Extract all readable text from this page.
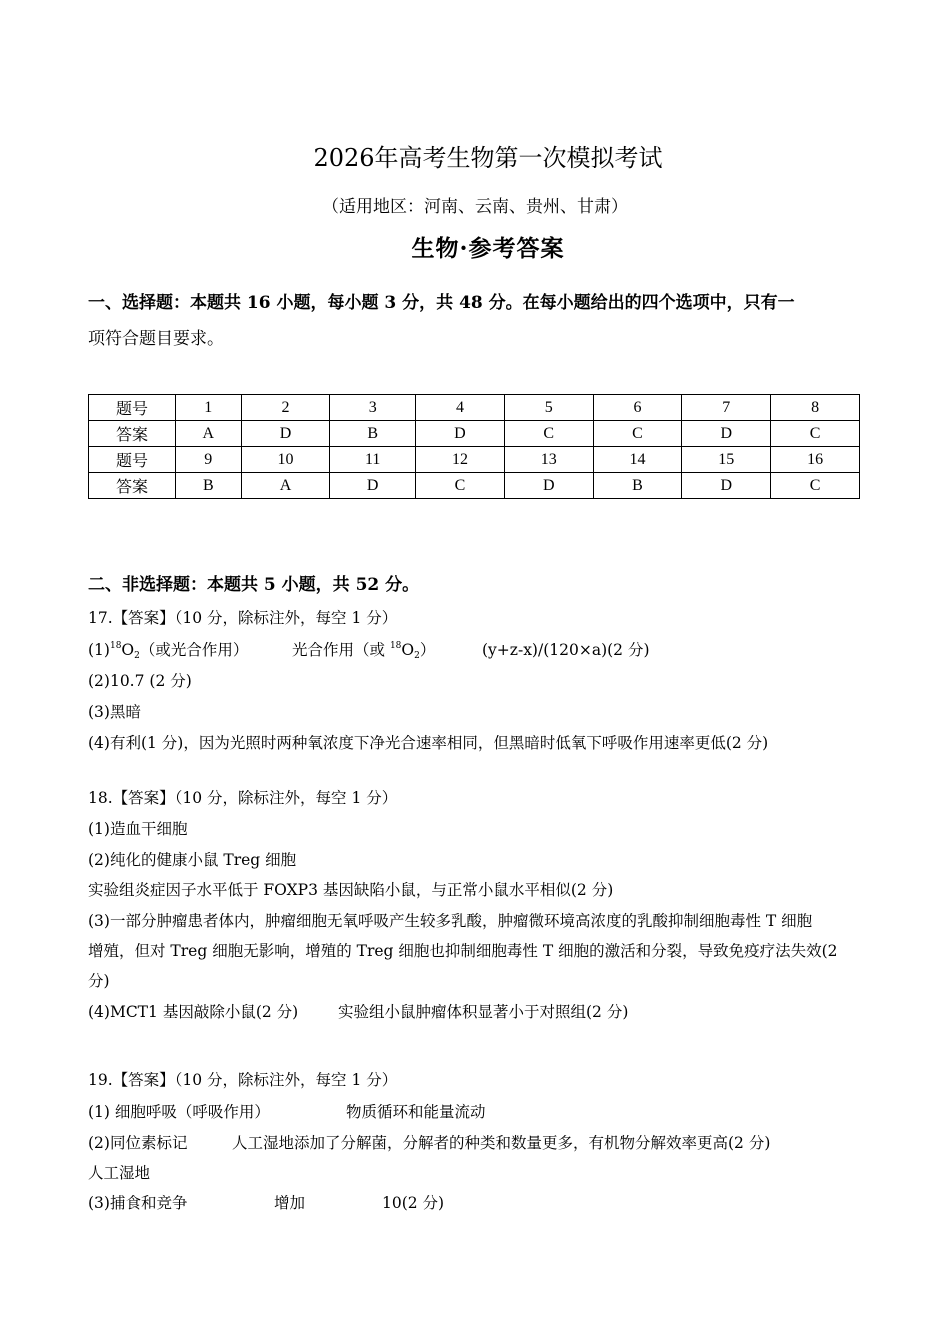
2026年高考生物第一次模拟考试
（适用地区：河南、云南、贵州、甘肃）
生物·参考答案
一、选择题：本题共 16 小题，每小题 3 分，共 48 分。在每小题给出的四个选项中，只有一
项符合题目要求。
题号	1	2	3	4	5	6	7	8
答案	A	D	B	D	C	C	D	C
题号	9	10	11	12	13	14	15	16
答案	B	A	D	C	D	B	D	C
二、非选择题：本题共 5 小题，共 52 分。
17.【答案】（10 分，除标注外，每空 1 分）
$(1)^{18}O_2$（或光合作用）	光合作用（或 $^{18}O_2$）	(y+z-x)/(120×a)(2 分)
(2)10.7 (2 分)
(3)黑暗
(4)有利(1 分)，因为光照时两种氧浓度下净光合速率相同，但黑暗时低氧下呼吸作用速率更低(2 分)
18.【答案】（10 分，除标注外，每空 1 分）
(1)造血干细胞
(2)纯化的健康小鼠 Treg 细胞
实验组炎症因子水平低于 FOXP3 基因缺陷小鼠，与正常小鼠水平相似(2 分)
(3)一部分肿瘤患者体内，肿瘤细胞无氧呼吸产生较多乳酸，肿瘤微环境高浓度的乳酸抑制细胞毒性 T 细胞
增殖，但对 Treg 细胞无影响，增殖的 Treg 细胞也抑制细胞毒性 T 细胞的激活和分裂，导致免疫疗法失效(2
分)
(4)MCT1 基因敲除小鼠(2 分)	实验组小鼠肿瘤体积显著小于对照组(2 分)
19.【答案】（10 分，除标注外，每空 1 分）
(1) 细胞呼吸（呼吸作用）	物质循环和能量流动
(2)同位素标记	人工湿地添加了分解菌，分解者的种类和数量更多，有机物分解效率更高(2 分)
人工湿地
(3)捕食和竞争	增加	10(2 分)
